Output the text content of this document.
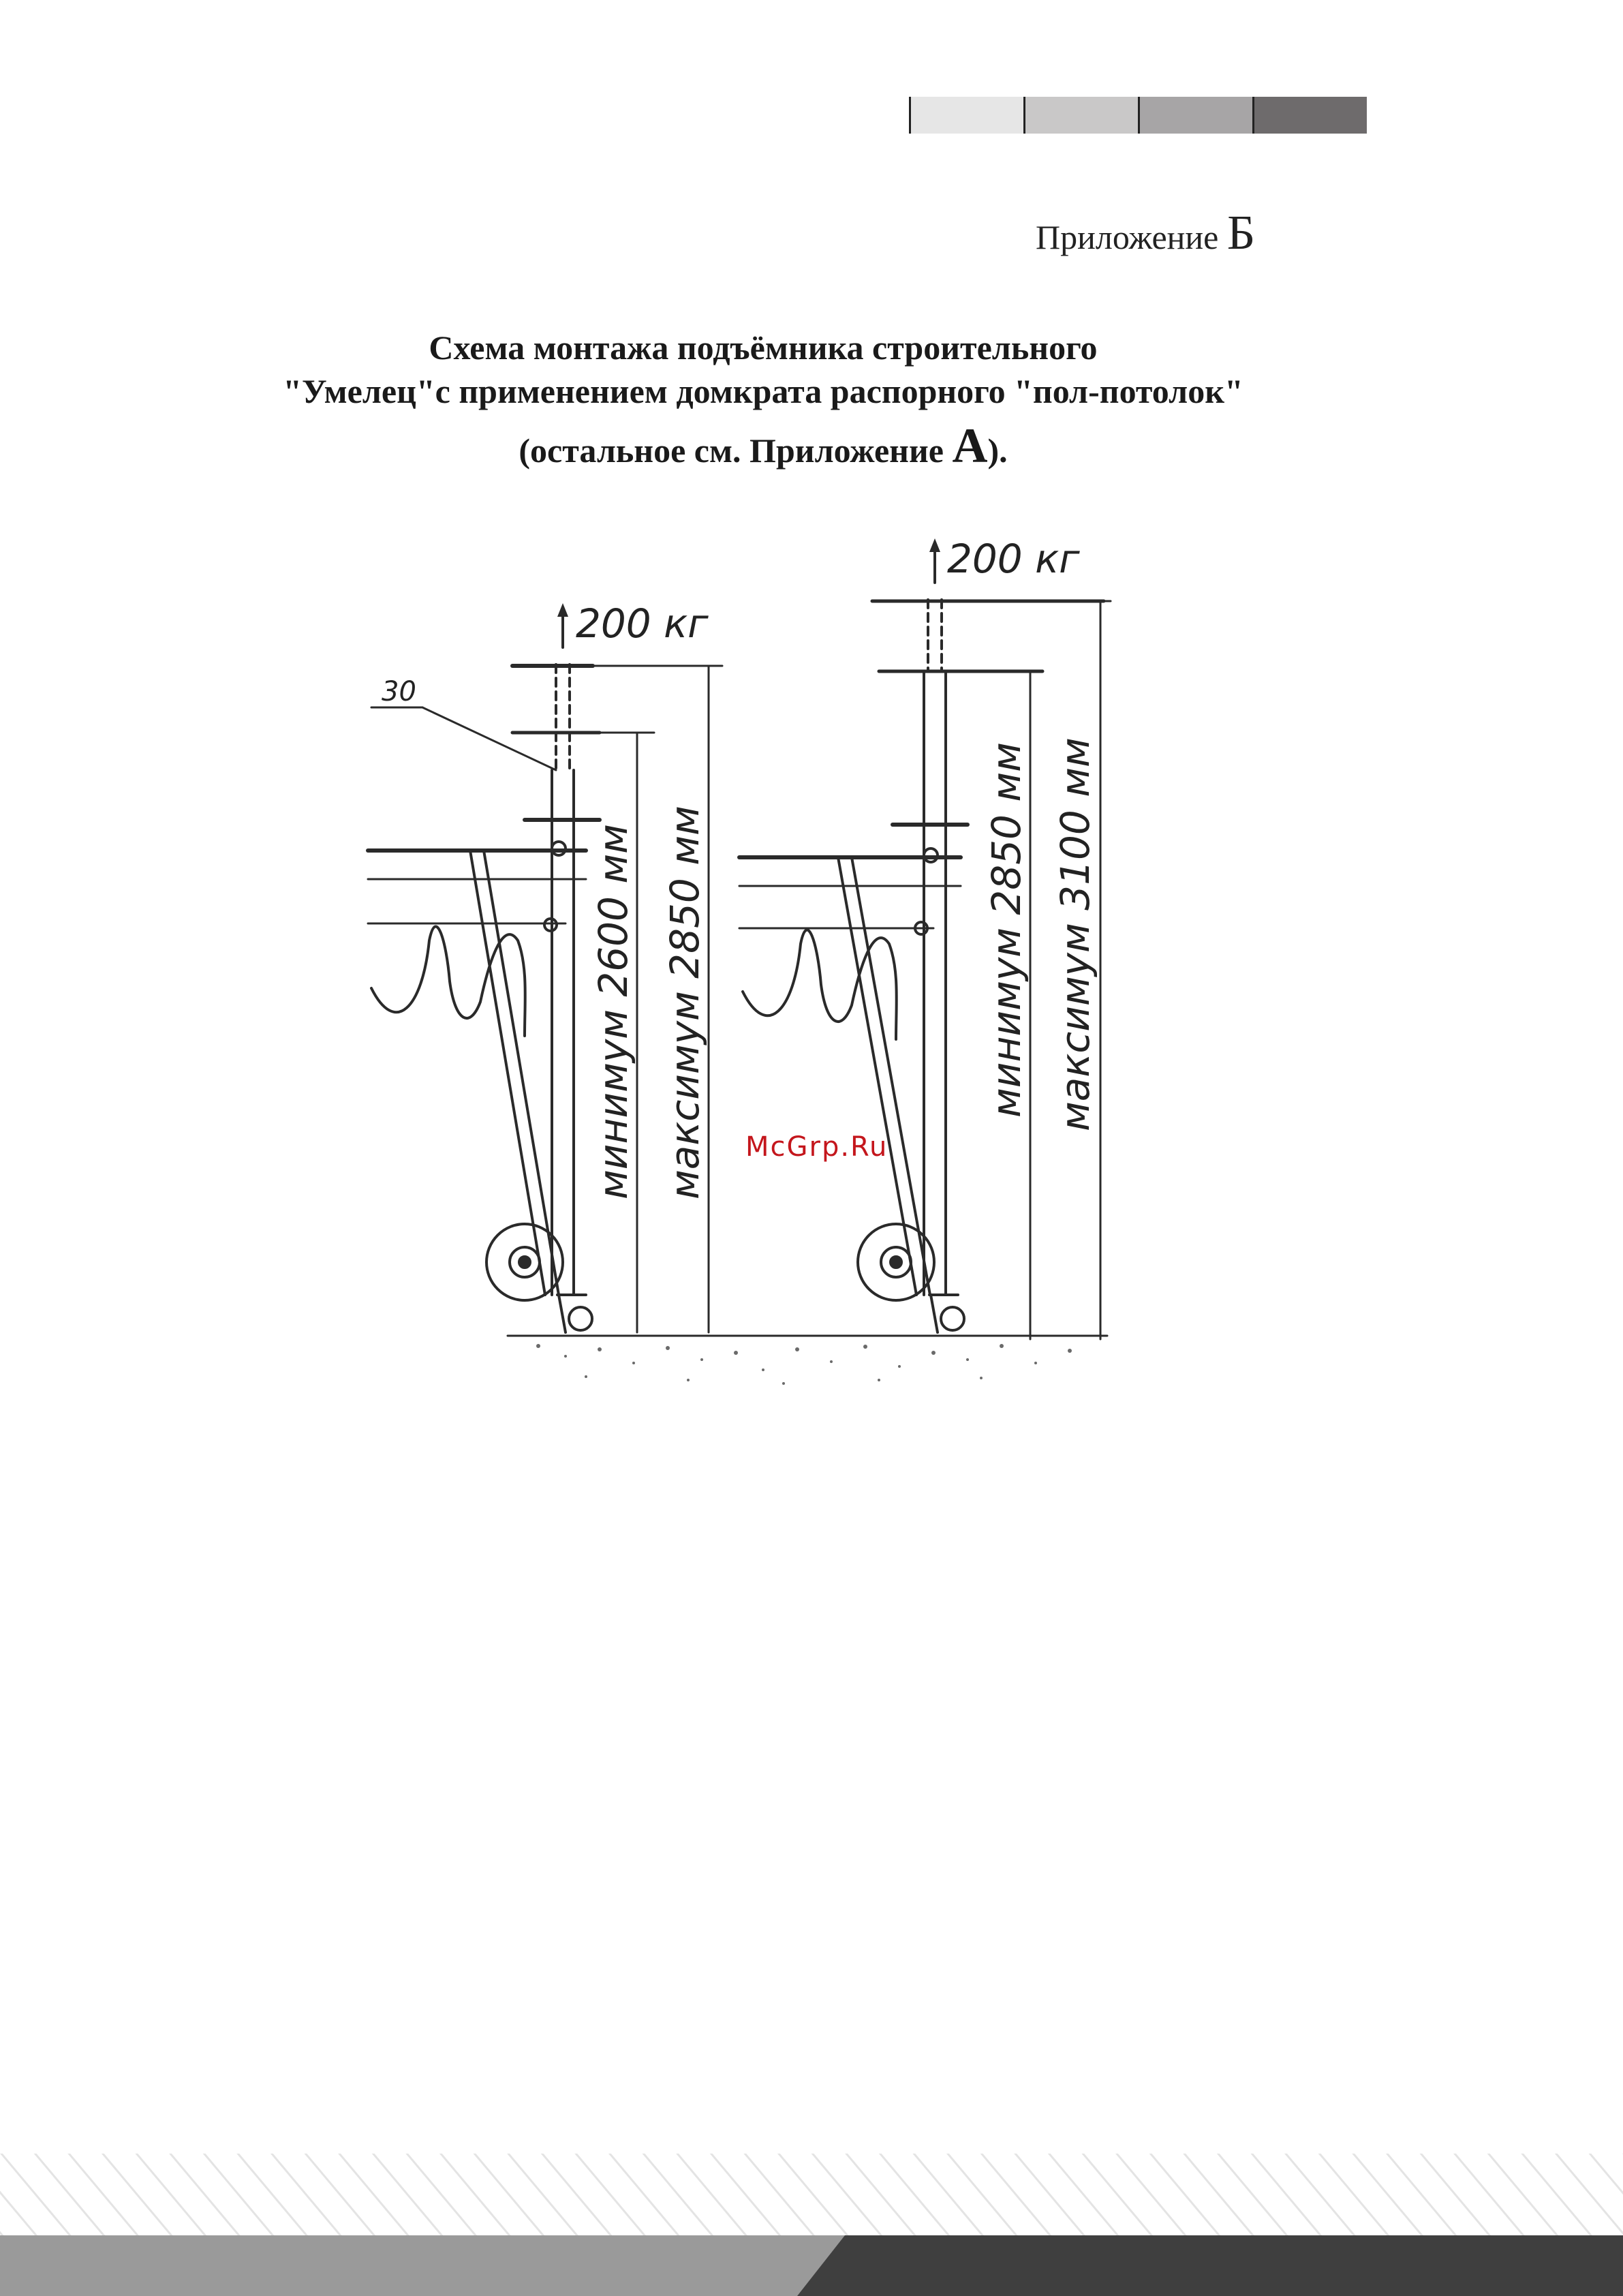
Приложение Б
Схема монтажа подъёмника строительного
"Умелец"с применением домкрата распорного "пол-потолок"
(остальное см. Приложение А).
200 кг
200 кг
30
минимум 2600 мм максимум 2850 мм	минимум 2850 мм максимум 3100 мм
McGrp.Ru
